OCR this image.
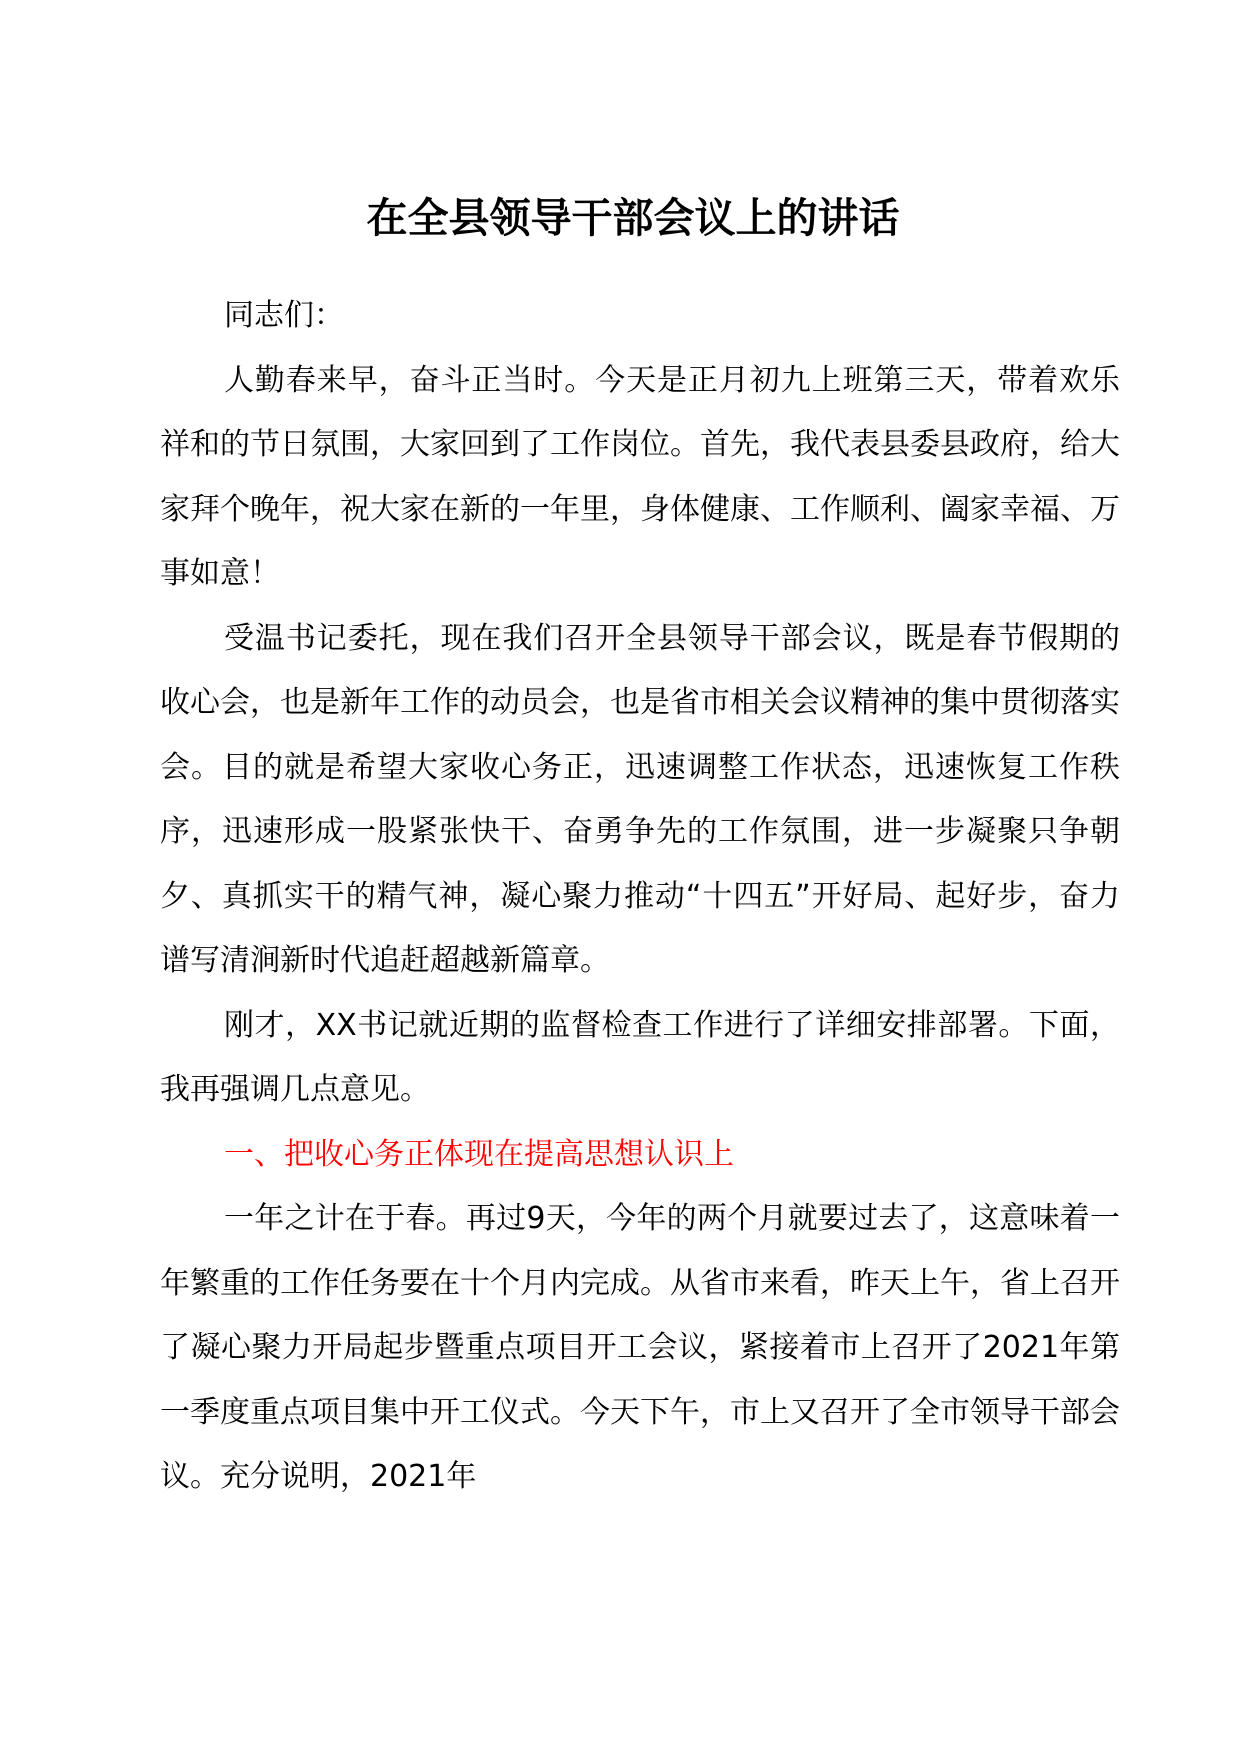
在全县领导干部会议上的讲话

同志们：

人勤春来早，奋斗正当时。今天是正月初九上班第三天，带着欢乐祥和的节日氛围，大家回到了工作岗位。首先，我代表县委县政府，给大家拜个晚年，祝大家在新的一年里，身体健康、工作顺利、阖家幸福、万事如意！

受温书记委托，现在我们召开全县领导干部会议，既是春节假期的收心会，也是新年工作的动员会，也是省市相关会议精神的集中贯彻落实会。目的就是希望大家收心务正，迅速调整工作状态，迅速恢复工作秩序，迅速形成一股紧张快干、奋勇争先的工作氛围，进一步凝聚只争朝夕、真抓实干的精气神，凝心聚力推动“十四五”开好局、起好步，奋力谱写清涧新时代追赶超越新篇章。

刚才，XX书记就近期的监督检查工作进行了详细安排部署。下面，我再强调几点意见。

一、把收心务正体现在提高思想认识上

一年之计在于春。再过9天，今年的两个月就要过去了，这意味着一年繁重的工作任务要在十个月内完成。从省市来看，昨天上午，省上召开了凝心聚力开局起步暨重点项目开工会议，紧接着市上召开了2021年第一季度重点项目集中开工仪式。今天下午，市上又召开了全市领导干部会议。充分说明，2021年
